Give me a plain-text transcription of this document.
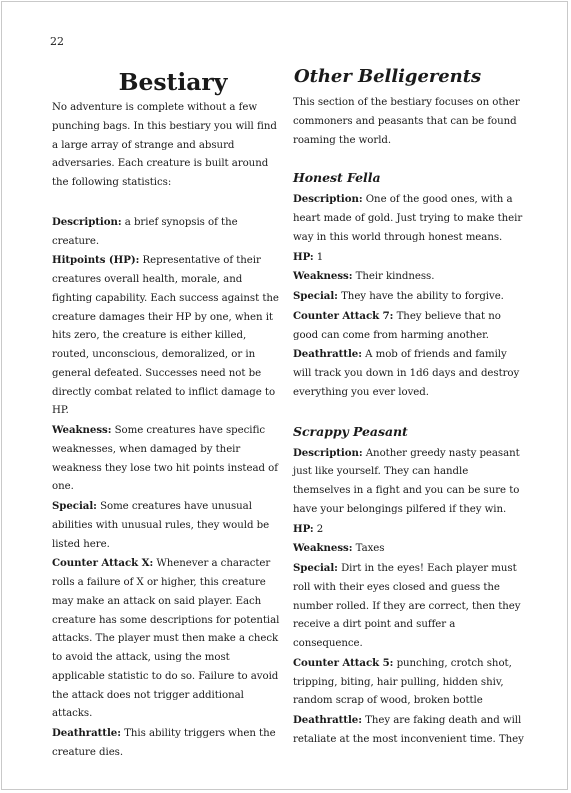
22
Bestiary

No adventure is complete without a few punching bags. In this bestiary you will find a large array of strange and absurd adversaries. Each creature is built around the following statistics:

Description: a brief synopsis of the creature.

Hitpoints (HP): Representative of their creatures overall health, morale, and fighting capability. Each success against the creature damages their HP by one, when it hits zero, the creature is either killed, routed, unconscious, demoralized, or in general defeated. Successes need not be directly combat related to inflict damage to HP.

Weakness: Some creatures have specific weaknesses, when damaged by their weakness they lose two hit points instead of one.

Special: Some creatures have unusual abilities with unusual rules, they would be listed here.

Counter Attack X: Whenever a character rolls a failure of X or higher, this creature may make an attack on said player. Each creature has some descriptions for potential attacks. The player must then make a check to avoid the attack, using the most applicable statistic to do so. Failure to avoid the attack does not trigger additional attacks.

Deathrattle: This ability triggers when the creature dies.

Other Belligerents

This section of the bestiary focuses on other commoners and peasants that can be found roaming the world.

Honest Fella

Description: One of the good ones, with a heart made of gold. Just trying to make their way in this world through honest means.

HP: 1

Weakness: Their kindness.

Special: They have the ability to forgive.

Counter Attack 7: They believe that no good can come from harming another.

Deathrattle: A mob of friends and family will track you down in 1d6 days and destroy everything you ever loved.

Scrappy Peasant

Description: Another greedy nasty peasant just like yourself. They can handle themselves in a fight and you can be sure to have your belongings pilfered if they win.

HP: 2

Weakness: Taxes

Special: Dirt in the eyes! Each player must roll with their eyes closed and guess the number rolled. If they are correct, then they receive a dirt point and suffer a consequence.

Counter Attack 5: punching, crotch shot, tripping, biting, hair pulling, hidden shiv, random scrap of wood, broken bottle

Deathrattle: They are faking death and will retaliate at the most inconvenient time. They
